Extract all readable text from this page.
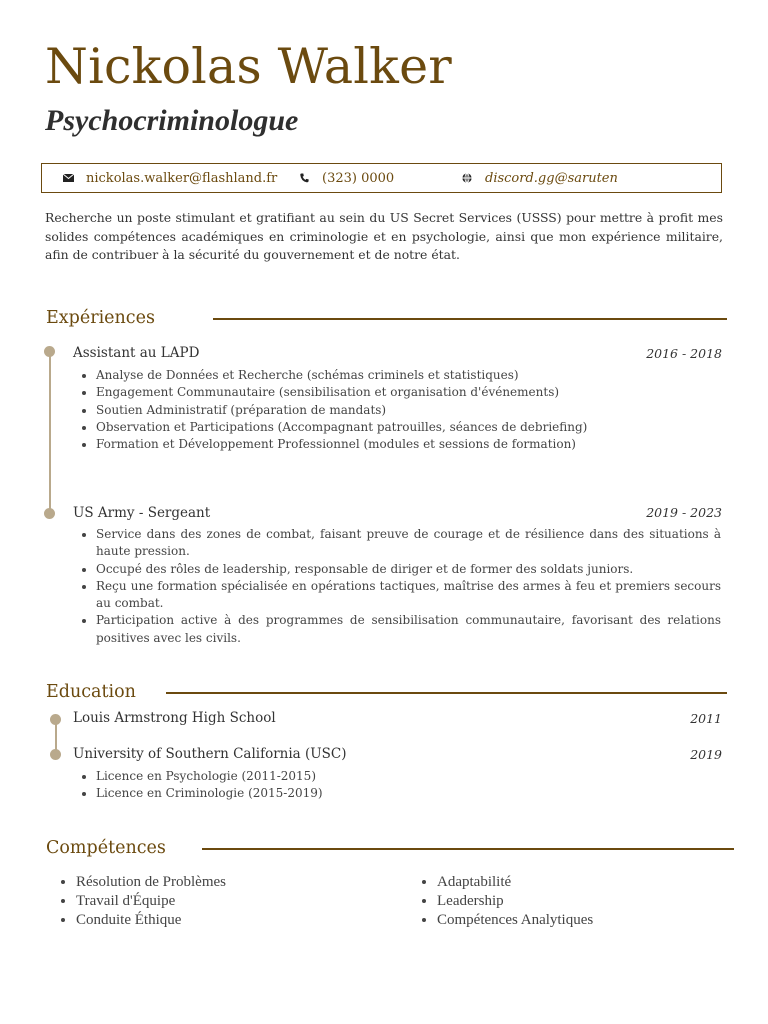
Nickolas Walker
Psychocriminologue
nickolas.walker@flashland.fr	(323) 0000	discord.gg@saruten

Recherche un poste stimulant et gratifiant au sein du US Secret Services (USSS) pour mettre à profit mes solides compétences académiques en criminologie et en psychologie, ainsi que mon expérience militaire, afin de contribuer à la sécurité du gouvernement et de notre état.

Expériences
Assistant au LAPD	2016 - 2018
• Analyse de Données et Recherche (schémas criminels et statistiques)
• Engagement Communautaire (sensibilisation et organisation d'événements)
• Soutien Administratif (préparation de mandats)
• Observation et Participations (Accompagnant patrouilles, séances de debriefing)
• Formation et Développement Professionnel (modules et sessions de formation)
US Army - Sergeant	2019 - 2023
• Service dans des zones de combat, faisant preuve de courage et de résilience dans des situations à haute pression.
• Occupé des rôles de leadership, responsable de diriger et de former des soldats juniors.
• Reçu une formation spécialisée en opérations tactiques, maîtrise des armes à feu et premiers secours au combat.
• Participation active à des programmes de sensibilisation communautaire, favorisant des relations positives avec les civils.
Education
Louis Armstrong High School	2011
University of Southern California (USC)	2019
• Licence en Psychologie (2011-2015)
• Licence en Criminologie (2015-2019)
Compétences
• Résolution de Problèmes
• Travail d'Équipe
• Conduite Éthique
• Adaptabilité
• Leadership
• Compétences Analytiques
